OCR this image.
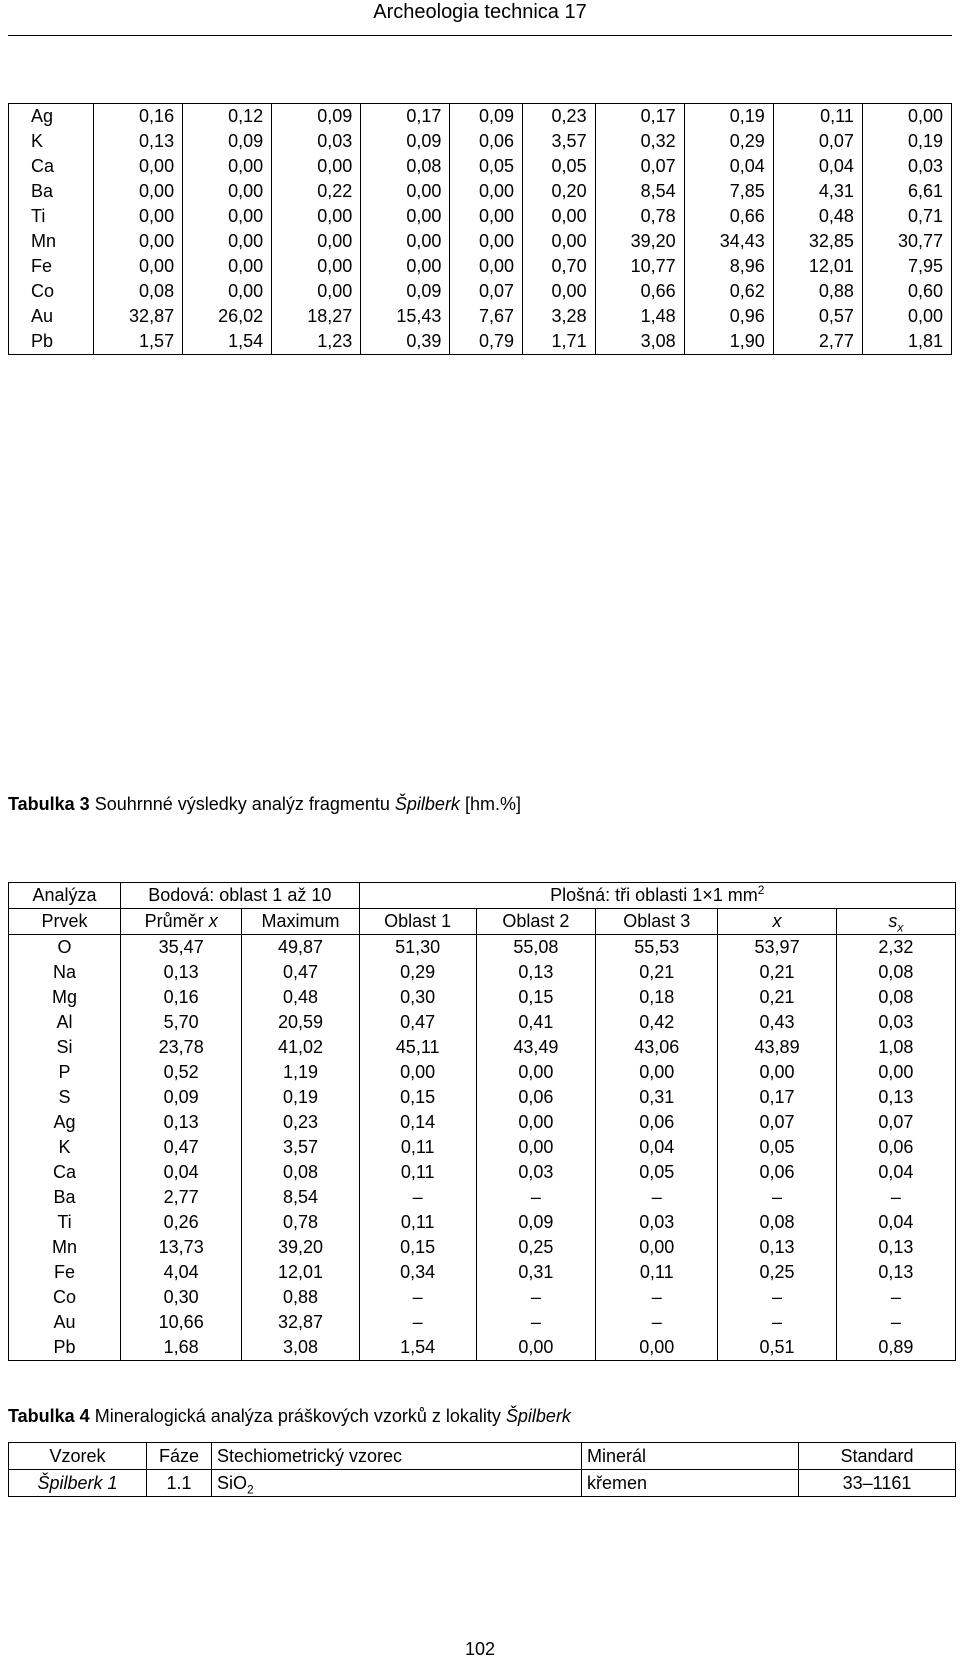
Archeologia technica 17
Ag	0,16	0,12	0,09	0,17	0,09	0,23	0,17	0,19	0,11	0,00
K	0,13	0,09	0,03	0,09	0,06	3,57	0,32	0,29	0,07	0,19
Ca	0,00	0,00	0,00	0,08	0,05	0,05	0,07	0,04	0,04	0,03
Ba	0,00	0,00	0,22	0,00	0,00	0,20	8,54	7,85	4,31	6,61
Ti	0,00	0,00	0,00	0,00	0,00	0,00	0,78	0,66	0,48	0,71
Mn	0,00	0,00	0,00	0,00	0,00	0,00	39,20	34,43	32,85	30,77
Fe	0,00	0,00	0,00	0,00	0,00	0,70	10,77	8,96	12,01	7,95
Co	0,08	0,00	0,00	0,09	0,07	0,00	0,66	0,62	0,88	0,60
Au	32,87	26,02	18,27	15,43	7,67	3,28	1,48	0,96	0,57	0,00
Pb	1,57	1,54	1,23	0,39	0,79	1,71	3,08	1,90	2,77	1,81
Tabulka 3 Souhrnné výsledky analýz fragmentu Špilberk [hm.%]
Analýza	Bodová: oblast 1 až 10		Plošná: tři oblasti 1×1 $mm^2$
Prvek	Průměr x	Maximum	Oblast 1	Oblast 2	Oblast 3	x	$s_x$
O	35,47	49,87	51,30	55,08	55,53	53,97	2,32
Na	0,13	0,47	0,29	0,13	0,21	0,21	0,08
Mg	0,16	0,48	0,30	0,15	0,18	0,21	0,08
Al	5,70	20,59	0,47	0,41	0,42	0,43	0,03
Si	23,78	41,02	45,11	43,49	43,06	43,89	1,08
P	0,52	1,19	0,00	0,00	0,00	0,00	0,00
S	0,09	0,19	0,15	0,06	0,31	0,17	0,13
Ag	0,13	0,23	0,14	0,00	0,06	0,07	0,07
K	0,47	3,57	0,11	0,00	0,04	0,05	0,06
Ca	0,04	0,08	0,11	0,03	0,05	0,06	0,04
Ba	2,77	8,54	–	–	–	–	–
Ti	0,26	0,78	0,11	0,09	0,03	0,08	0,04
Mn	13,73	39,20	0,15	0,25	0,00	0,13	0,13
Fe	4,04	12,01	0,34	0,31	0,11	0,25	0,13
Co	0,30	0,88	–	–	–	–	–
Au	10,66	32,87	–	–	–	–	–
Pb	1,68	3,08	1,54	0,00	0,00	0,51	0,89
Tabulka 4 Mineralogická analýza práškových vzorků z lokality Špilberk
Vzorek	Fáze	Stechiometrický vzorec	Minerál	Standard
Špilberk 1	1.1	SiO$_2$	křemen	33–1161
102
